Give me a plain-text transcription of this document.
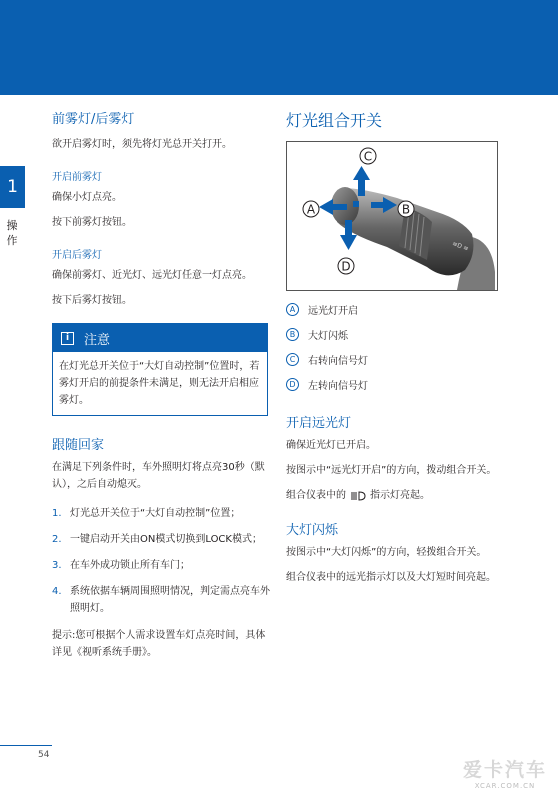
1
操作
前雾灯/后雾灯
欲开启雾灯时，须先将灯光总开关打开。
开启前雾灯
确保小灯点亮。
按下前雾灯按钮。
开启后雾灯
确保前雾灯、近光灯、远光灯任意一灯点亮。
按下后雾灯按钮。
i	注意
在灯光总开关位于“大灯自动控制”位置时，若雾灯开启的前提条件未满足，则无法开启相应雾灯。
跟随回家
在满足下列条件时，车外照明灯将点亮30秒（默认），之后自动熄灭。
1. 灯光总开关位于“大灯自动控制”位置；
2. 一键启动开关由ON模式切换到LOCK模式；
3. 在车外成功锁止所有车门；
4. 系统依据车辆周围照明情况，判定需点亮车外照明灯。
提示:您可根据个人需求设置车灯点亮时间，具体详见《视听系统手册》。
灯光组合开关
≡D ≡
C
A	B
D
A	远光灯开启
B	大灯闪烁
C	右转向信号灯
D	左转向信号灯
开启远光灯
确保近光灯已开启。
按图示中“远光灯开启”的方向，拨动组合开关。
组合仪表中的 指示灯亮起。
大灯闪烁
按图示中“大灯闪烁”的方向，轻拨组合开关。
组合仪表中的远光指示灯以及大灯短时间亮起。
54
爱卡汽车
XCAR.COM.CN
